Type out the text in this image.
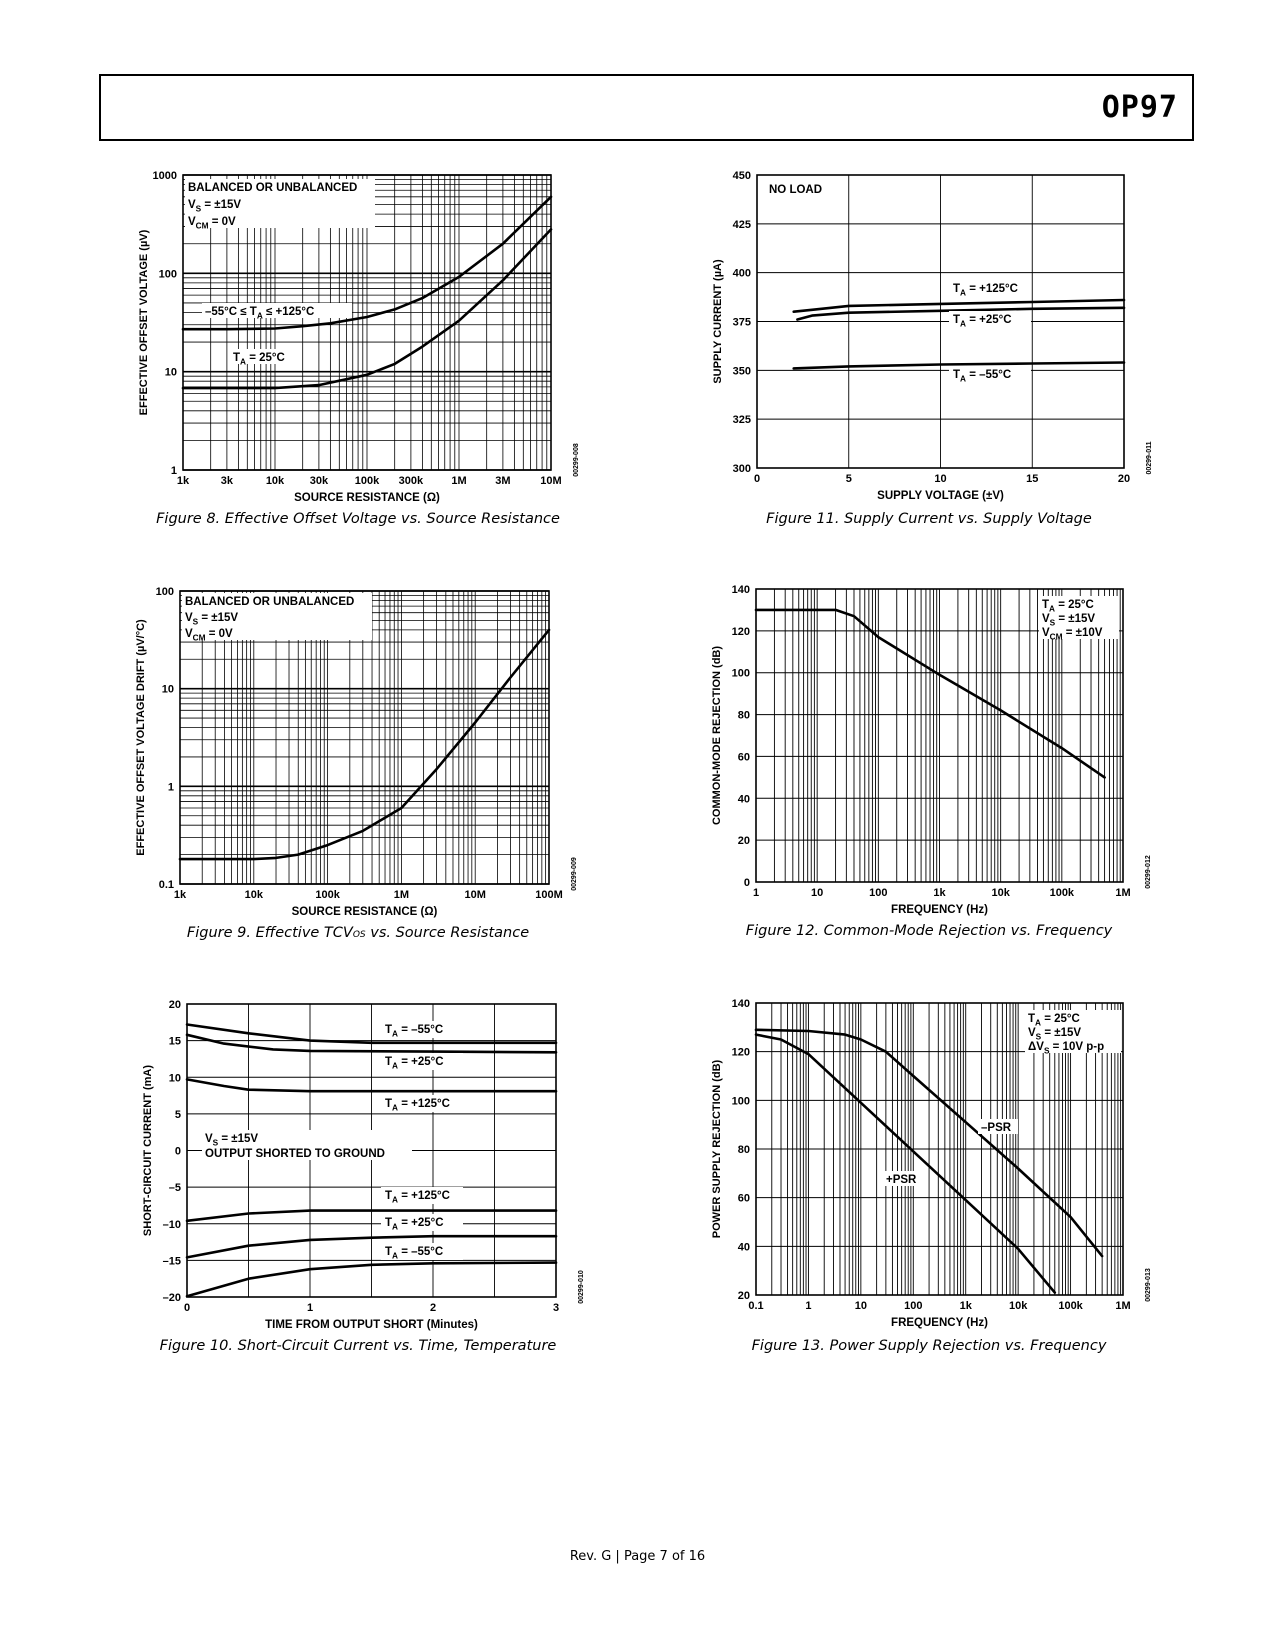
OP97
1k	3k	10k 30k 100k 300k	1M	3M	10M
1
10
100
1000
SOURCE RESISTANCE (Ω)
EFFECTIVE OFFSET VOLTAGE (µV)
00299-008
BALANCED OR UNBALANCED
$V_S = \pm 15V$
$V_{CM} = 0V$
$-55^\circ C \le T_A \le +125^\circ C$
$T_A = 25^\circ C$
1k	10k	100k	1M	10M	100M
0.1
1
10
100
SOURCE RESISTANCE (Ω)
EFFECTIVE OFFSET VOLTAGE DRIFT (µV/°C)
00299-009
BALANCED OR UNBALANCED
$V_S = \pm 15V$
$V_{CM} = 0V$
0	1	2	3
–20
–15
–10
–5
0
5
10
15
20
TIME FROM OUTPUT SHORT (Minutes)
SHORT-CIRCUIT CURRENT (mA)
00299-010
$V_S = \pm 15V$
OUTPUT SHORTED TO GROUND
$T_A = -55^\circ C$
$T_A = +25^\circ C$
$T_A = +125^\circ C$
$T_A = +125^\circ C$
$T_A = +25^\circ C$
$T_A = -55^\circ C$
0	5	10	15	20
300
325
350
375
400
425
450
SUPPLY VOLTAGE (±V)
SUPPLY CURRENT (µA)
00299-011
NO LOAD
$T_A = +125^\circ C$
$T_A = +25^\circ C$
$T_A = -55^\circ C$
1	10	100	1k	10k	100k	1M
0
20
40
60
80
100
120
140
FREQUENCY (Hz)
COMMON-MODE REJECTION (dB)
00299-012
$T_A = 25^\circ C$
$V_S = \pm 15V$
$V_{CM} = \pm 10V$
0.1	1	10	100	1k	10k	100k	1M
20
40
60
80
100
120
140
FREQUENCY (Hz)
POWER SUPPLY REJECTION (dB)
00299-013
$T_A = 25^\circ C$
$V_S = \pm 15V$
$\Delta V_S = 10V$ p-p
–PSR
+PSR
Figure 8. Effective Offset Voltage vs. Source Resistance
Figure 9. Effective TCVOS vs. Source Resistance
Figure 10. Short-Circuit Current vs. Time, Temperature
Figure 11. Supply Current vs. Supply Voltage
Figure 12. Common-Mode Rejection vs. Frequency
Figure 13. Power Supply Rejection vs. Frequency
Rev. G | Page 7 of 16
